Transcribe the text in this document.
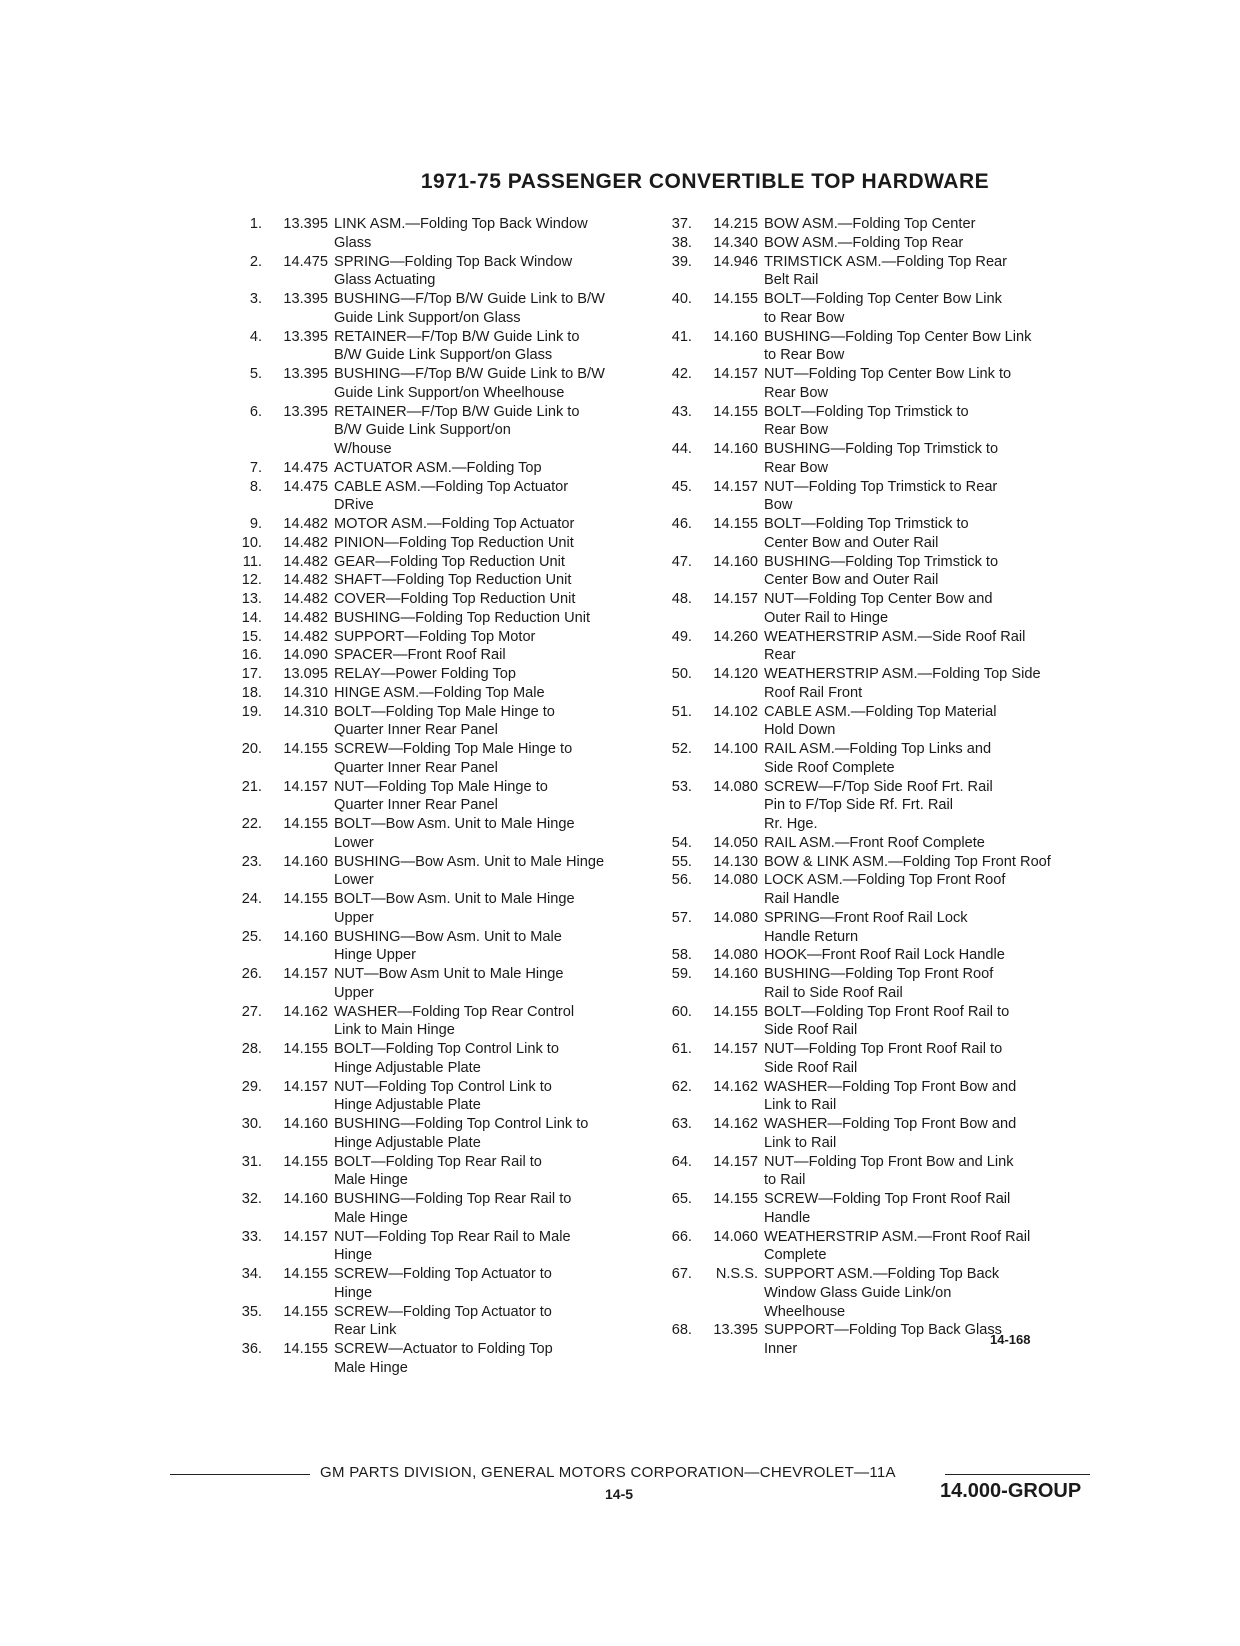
1971-75 PASSENGER CONVERTIBLE TOP HARDWARE
1.	13.395 LINK ASM.—Folding Top Back Window
Glass
2.	14.475 SPRING—Folding Top Back Window
Glass Actuating
3.	13.395 BUSHING—F/Top B/W Guide Link to B/W
Guide Link Support/on Glass
4.	13.395 RETAINER—F/Top B/W Guide Link to
B/W Guide Link Support/on Glass
5.	13.395 BUSHING—F/Top B/W Guide Link to B/W
Guide Link Support/on Wheelhouse
6.	13.395 RETAINER—F/Top B/W Guide Link to
B/W Guide Link Support/on
W/house
7.	14.475 ACTUATOR ASM.—Folding Top
8.	14.475 CABLE ASM.—Folding Top Actuator
DRive
9.	14.482 MOTOR ASM.—Folding Top Actuator
10.	14.482 PINION—Folding Top Reduction Unit
11.	14.482 GEAR—Folding Top Reduction Unit
12.	14.482 SHAFT—Folding Top Reduction Unit
13.	14.482 COVER—Folding Top Reduction Unit
14.	14.482 BUSHING—Folding Top Reduction Unit
15.	14.482 SUPPORT—Folding Top Motor
16.	14.090 SPACER—Front Roof Rail
17.	13.095 RELAY—Power Folding Top
18.	14.310 HINGE ASM.—Folding Top Male
19.	14.310 BOLT—Folding Top Male Hinge to
Quarter Inner Rear Panel
20.	14.155 SCREW—Folding Top Male Hinge to
Quarter Inner Rear Panel
21.	14.157 NUT—Folding Top Male Hinge to
Quarter Inner Rear Panel
22.	14.155 BOLT—Bow Asm. Unit to Male Hinge
Lower
23.	14.160 BUSHING—Bow Asm. Unit to Male Hinge
Lower
24.	14.155 BOLT—Bow Asm. Unit to Male Hinge
Upper
25.	14.160 BUSHING—Bow Asm. Unit to Male
Hinge Upper
26.	14.157 NUT—Bow Asm Unit to Male Hinge
Upper
27.	14.162 WASHER—Folding Top Rear Control
Link to Main Hinge
28.	14.155 BOLT—Folding Top Control Link to
Hinge Adjustable Plate
29.	14.157 NUT—Folding Top Control Link to
Hinge Adjustable Plate
30.	14.160 BUSHING—Folding Top Control Link to
Hinge Adjustable Plate
31.	14.155 BOLT—Folding Top Rear Rail to
Male Hinge
32.	14.160 BUSHING—Folding Top Rear Rail to
Male Hinge
33.	14.157 NUT—Folding Top Rear Rail to Male
Hinge
34.	14.155 SCREW—Folding Top Actuator to
Hinge
35.	14.155 SCREW—Folding Top Actuator to
Rear Link
36.	14.155 SCREW—Actuator to Folding Top
Male Hinge
37.	14.215 BOW ASM.—Folding Top Center
38.	14.340 BOW ASM.—Folding Top Rear
39.	14.946 TRIMSTICK ASM.—Folding Top Rear
Belt Rail
40.	14.155 BOLT—Folding Top Center Bow Link
to Rear Bow
41.	14.160 BUSHING—Folding Top Center Bow Link
to Rear Bow
42.	14.157 NUT—Folding Top Center Bow Link to
Rear Bow
43.	14.155 BOLT—Folding Top Trimstick to
Rear Bow
44.	14.160 BUSHING—Folding Top Trimstick to
Rear Bow
45.	14.157 NUT—Folding Top Trimstick to Rear
Bow
46.	14.155 BOLT—Folding Top Trimstick to
Center Bow and Outer Rail
47.	14.160 BUSHING—Folding Top Trimstick to
Center Bow and Outer Rail
48.	14.157 NUT—Folding Top Center Bow and
Outer Rail to Hinge
49.	14.260 WEATHERSTRIP ASM.—Side Roof Rail
Rear
50.	14.120 WEATHERSTRIP ASM.—Folding Top Side
Roof Rail Front
51.	14.102 CABLE ASM.—Folding Top Material
Hold Down
52.	14.100 RAIL ASM.—Folding Top Links and
Side Roof Complete
53.	14.080 SCREW—F/Top Side Roof Frt. Rail
Pin to F/Top Side Rf. Frt. Rail
Rr. Hge.
54.	14.050 RAIL ASM.—Front Roof Complete
55.	14.130 BOW & LINK ASM.—Folding Top Front Roof
56.	14.080 LOCK ASM.—Folding Top Front Roof
Rail Handle
57.	14.080 SPRING—Front Roof Rail Lock
Handle Return
58.	14.080 HOOK—Front Roof Rail Lock Handle
59.	14.160 BUSHING—Folding Top Front Roof
Rail to Side Roof Rail
60.	14.155 BOLT—Folding Top Front Roof Rail to
Side Roof Rail
61.	14.157 NUT—Folding Top Front Roof Rail to
Side Roof Rail
62.	14.162 WASHER—Folding Top Front Bow and
Link to Rail
63.	14.162 WASHER—Folding Top Front Bow and
Link to Rail
64.	14.157 NUT—Folding Top Front Bow and Link
to Rail
65.	14.155 SCREW—Folding Top Front Roof Rail
Handle
66.	14.060 WEATHERSTRIP ASM.—Front Roof Rail
Complete
67.	N.S.S. SUPPORT ASM.—Folding Top Back
Window Glass Guide Link/on
Wheelhouse
68.	13.395 SUPPORT—Folding Top Back Glass
Inner
14-168
GM PARTS DIVISION, GENERAL MOTORS CORPORATION—CHEVROLET—11A
14-5	14.000-GROUP
